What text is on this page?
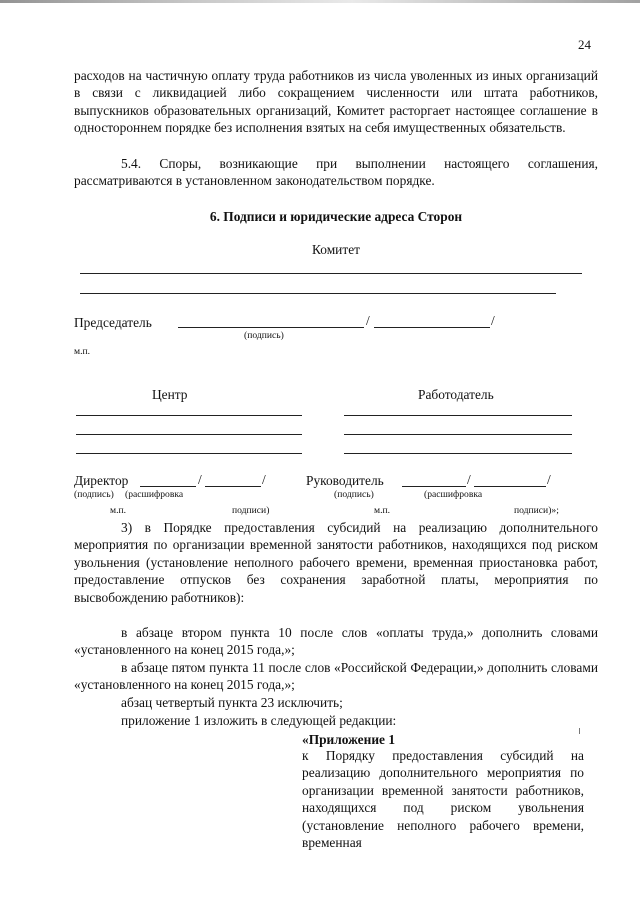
24
расходов на частичную оплату труда работников из числа уволенных из иных организаций в связи с ликвидацией либо сокращением численности или штата работников, выпускников образовательных организаций, Комитет расторгает настоящее соглашение в одностороннем порядке без исполнения взятых на себя имущественных обязательств.
5.4. Споры, возникающие при выполнении настоящего соглашения, рассматриваются в установленном законодательством порядке.
6. Подписи и юридические адреса Сторон
Комитет
Председатель	/	/
(подпись)
м.п.
Центр	Работодатель
Директор	/	/
(подпись) (расшифровка
м.п.	подписи)
Руководитель	/	/
(подпись)	(расшифровка
м.п.	подписи)»;
3) в Порядке предоставления субсидий на реализацию дополнительного мероприятия по организации временной занятости работников, находящихся под риском увольнения (установление неполного рабочего времени, временная приостановка работ, предоставление отпусков без сохранения заработной платы, мероприятия по высвобождению работников):
в абзаце втором пункта 10 после слов «оплаты труда,» дополнить словами «установленного на конец 2015 года,»;
в абзаце пятом пункта 11 после слов «Российской Федерации,» дополнить словами «установленного на конец 2015 года,»;
абзац четвертый пункта 23 исключить;
приложение 1 изложить в следующей редакции:
«Приложение 1
к Порядку предоставления субсидий на реализацию дополнительного мероприятия по организации временной занятости работников, находящихся под риском увольнения (установление неполного рабочего времени, временная
